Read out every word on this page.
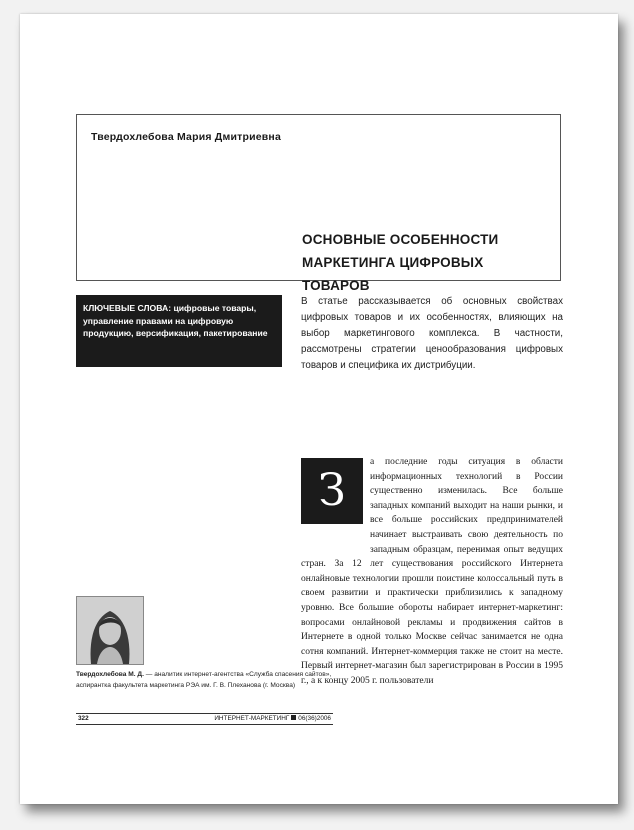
Твердохлебова Мария Дмитриевна
ОСНОВНЫЕ ОСОБЕННОСТИ
МАРКЕТИНГА ЦИФРОВЫХ ТОВАРОВ
КЛЮЧЕВЫЕ СЛОВА: цифровые товары, управление правами на цифровую продукцию, версификация, пакетирование
В статье рассказывается об основных свойствах цифровых товаров и их особенностях, влияющих на выбор маркетингового комплекса. В частности, рассмотрены стратегии ценообразования цифровых товаров и специфика их дистрибуции.
а последние годы ситуация в области информационных технологий в России существенно изменилась. Все больше западных компаний выходит на наши рынки, и все больше российских предпринимателей начинает выстраивать свою деятельность по западным образцам, перенимая опыт ведущих стран. За 12 лет существования российского Интернета онлайновые технологии прошли поистине колоссальный путь в своем развитии и практически приблизились к западному уровню. Все большие обороты набирает интернет-маркетинг: вопросами онлайновой рекламы и продвижения сайтов в Интернете в одной только Москве сейчас занимается не одна сотня компаний. Интернет-коммерция также не стоит на месте. Первый интернет-магазин был зарегистрирован в России в 1995 г., а к концу 2005 г. пользователи
З
Твердохлебова М. Д. — аналитик интернет-агентства «Служба спасения сайтов», аспирантка факультета маркетинга РЭА им. Г. В. Плеханова (г. Москва)
322	ИНТЕРНЕТ-МАРКЕТИНГ 06(36)2006
